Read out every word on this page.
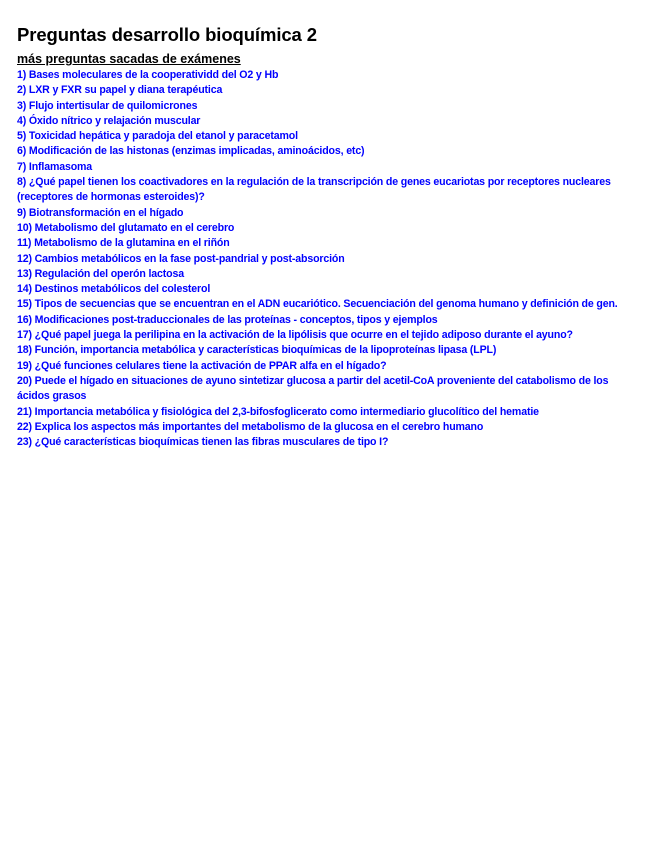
Preguntas desarrollo bioquímica 2
más preguntas sacadas de exámenes
1) Bases moleculares de la cooperatividd del O2 y Hb
2) LXR y FXR su papel y diana terapéutica
3) Flujo intertisular de quilomicrones
4) Óxido nítrico y relajación muscular
5) Toxicidad hepática y paradoja del etanol y paracetamol
6) Modificación de las histonas (enzimas implicadas, aminoácidos, etc)
7) Inflamasoma
8) ¿Qué papel tienen los coactivadores en la regulación de la transcripción de genes eucariotas por receptores nucleares (receptores de hormonas esteroides)?
9) Biotransformación en el hígado
10) Metabolismo del glutamato en el cerebro
11) Metabolismo de la glutamina en el riñón
12) Cambios metabólicos en la fase post-pandrial y post-absorción
13) Regulación del operón lactosa
14) Destinos metabólicos del colesterol
15) Tipos de secuencias que se encuentran en el ADN eucariótico. Secuenciación del genoma humano y definición de gen.
16) Modificaciones post-traduccionales de las proteínas - conceptos, tipos y ejemplos
17) ¿Qué papel juega la perilipina en la activación de la lipólisis que ocurre en el tejido adiposo durante el ayuno?
18) Función, importancia metabólica y características bioquímicas de la lipoproteínas lipasa (LPL)
19) ¿Qué funciones celulares tiene la activación de PPAR alfa en el hígado?
20) Puede el hígado en situaciones de ayuno sintetizar glucosa a partir del acetil-CoA proveniente del catabolismo de los ácidos grasos
21) Importancia metabólica y fisiológica del 2,3-bifosfoglicerato como intermediario glucolítico del hematie
22) Explica los aspectos más importantes del metabolismo de la glucosa en el cerebro humano
23) ¿Qué características bioquímicas tienen las fibras musculares de tipo I?
